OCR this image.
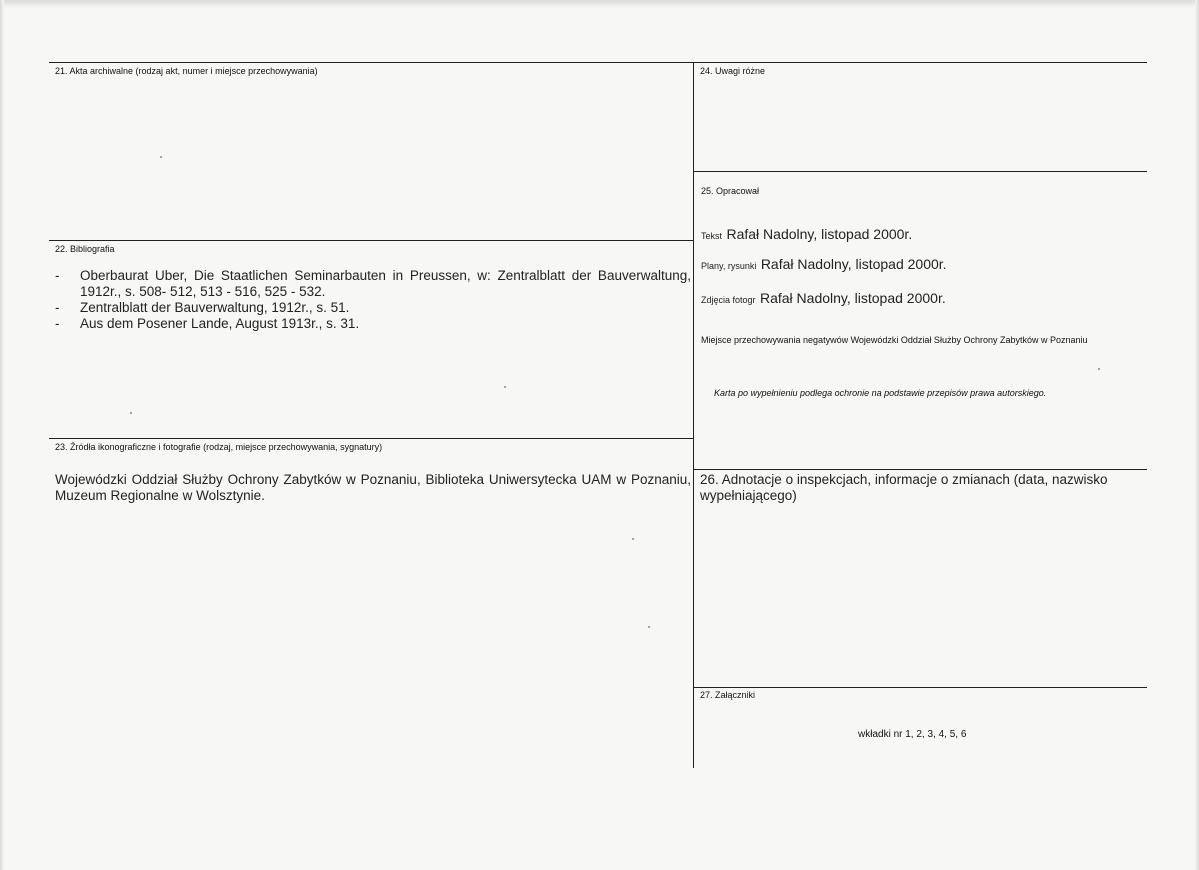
21. Akta archiwalne (rodzaj akt, numer i miejsce przechowywania)
22. Bibliografia
- Oberbaurat Uber, Die Staatlichen Seminarbauten in Preussen, w: Zentralblatt der Bauverwaltung, 1912r., s. 508- 512, 513 - 516, 525 - 532.
- Zentralblatt der Bauverwaltung, 1912r., s. 51.
- Aus dem Posener Lande, August 1913r., s. 31.
23. Źródła ikonograficzne i fotografie (rodzaj, miejsce przechowywania, sygnatury)
Wojewódzki Oddział Służby Ochrony Zabytków w Poznaniu, Biblioteka Uniwersytecka UAM w Poznaniu, Muzeum Regionalne w Wolsztynie.
24. Uwagi różne
25. Opracował
Tekst Rafał Nadolny, listopad 2000r.
Plany, rysunki Rafał Nadolny, listopad 2000r.
Zdjęcia fotogr Rafał Nadolny, listopad 2000r.
Miejsce przechowywania negatywów Wojewódzki Oddział Służby Ochrony Zabytków w Poznaniu
Karta po wypełnieniu podlega ochronie na podstawie przepisów prawa autorskiego.
26. Adnotacje o inspekcjach, informacje o zmianach (data, nazwisko wypełniającego)
27. Załączniki
wkładki nr 1, 2, 3, 4, 5, 6
